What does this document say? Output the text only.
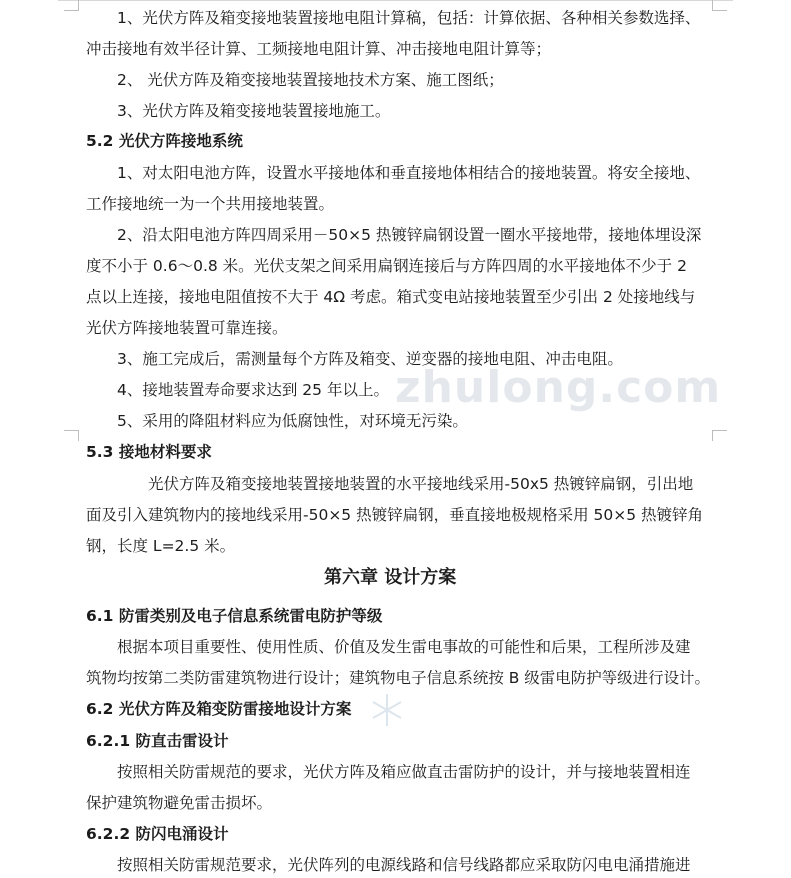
zhulong.com
1、光伏方阵及箱变接地装置接地电阻计算稿，包括：计算依据、各种相关参数选择、
冲击接地有效半径计算、工频接地电阻计算、冲击接地电阻计算等；
2、 光伏方阵及箱变接地装置接地技术方案、施工图纸；
3、光伏方阵及箱变接地装置接地施工。
5.2 光伏方阵接地系统
1、对太阳电池方阵，设置水平接地体和垂直接地体相结合的接地装置。将安全接地、
工作接地统一为一个共用接地装置。
2、沿太阳电池方阵四周采用－50×5 热镀锌扁钢设置一圈水平接地带，接地体埋设深
度不小于 0.6～0.8 米。光伏支架之间采用扁钢连接后与方阵四周的水平接地体不少于 2
点以上连接，接地电阻值按不大于 4Ω 考虑。箱式变电站接地装置至少引出 2 处接地线与
光伏方阵接地装置可靠连接。
3、施工完成后，需测量每个方阵及箱变、逆变器的接地电阻、冲击电阻。
4、接地装置寿命要求达到 25 年以上。
5、采用的降阻材料应为低腐蚀性，对环境无污染。
5.3 接地材料要求
光伏方阵及箱变接地装置接地装置的水平接地线采用-50x5 热镀锌扁钢，引出地
面及引入建筑物内的接地线采用-50×5 热镀锌扁钢，垂直接地极规格采用 50×5 热镀锌角
钢，长度 L=2.5 米。
第六章 设计方案
6.1 防雷类别及电子信息系统雷电防护等级
根据本项目重要性、使用性质、价值及发生雷电事故的可能性和后果，工程所涉及建
筑物均按第二类防雷建筑物进行设计；建筑物电子信息系统按 B 级雷电防护等级进行设计。
6.2 光伏方阵及箱变防雷接地设计方案
6.2.1 防直击雷设计
按照相关防雷规范的要求，光伏方阵及箱应做直击雷防护的设计，并与接地装置相连
保护建筑物避免雷击损坏。
6.2.2 防闪电涌设计
按照相关防雷规范要求，光伏阵列的电源线路和信号线路都应采取防闪电电涌措施进
